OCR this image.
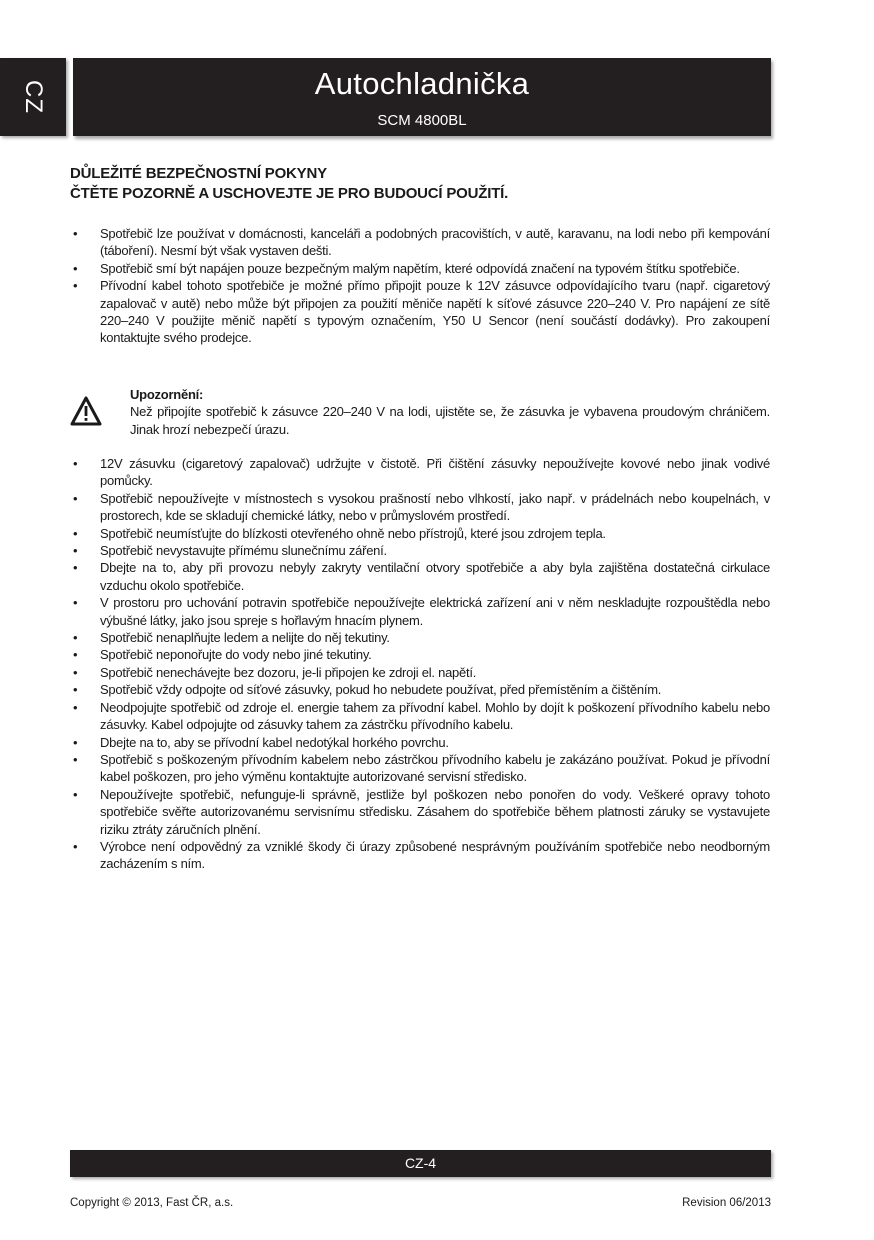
CZ	Autochladnička
SCM 4800BL
DŮLEŽITÉ BEZPEČNOSTNÍ POKYNY
ČTĚTE POZORNĚ A USCHOVEJTE JE PRO BUDOUCÍ POUŽITÍ.
• Spotřebič lze používat v domácnosti, kanceláři a podobných pracovištích, v autě, karavanu, na lodi nebo při kempování (táboření). Nesmí být však vystaven dešti.
• Spotřebič smí být napájen pouze bezpečným malým napětím, které odpovídá značení na typovém štítku spotřebiče.
• Přívodní kabel tohoto spotřebiče je možné přímo připojit pouze k 12V zásuvce odpovídajícího tvaru (např. cigaretový zapalovač v autě) nebo může být připojen za použití měniče napětí k síťové zásuvce 220–240 V. Pro napájení ze sítě 220–240 V použijte měnič napětí s typovým označením, Y50 U Sencor (není součástí dodávky). Pro zakoupení kontaktujte svého prodejce.
Upozornění:
Než připojíte spotřebič k zásuvce 220–240 V na lodi, ujistěte se, že zásuvka je vybavena proudovým chráničem. Jinak hrozí nebezpečí úrazu.
• 12V zásuvku (cigaretový zapalovač) udržujte v čistotě. Při čištění zásuvky nepoužívejte kovové nebo jinak vodivé pomůcky.
• Spotřebič nepoužívejte v místnostech s vysokou prašností nebo vlhkostí, jako např. v prádelnách nebo koupelnách, v prostorech, kde se skladují chemické látky, nebo v průmyslovém prostředí.
• Spotřebič neumísťujte do blízkosti otevřeného ohně nebo přístrojů, které jsou zdrojem tepla.
• Spotřebič nevystavujte přímému slunečnímu záření.
• Dbejte na to, aby při provozu nebyly zakryty ventilační otvory spotřebiče a aby byla zajištěna dostatečná cirkulace vzduchu okolo spotřebiče.
• V prostoru pro uchování potravin spotřebiče nepoužívejte elektrická zařízení ani v něm neskladujte rozpouštědla nebo výbušné látky, jako jsou spreje s hořlavým hnacím plynem.
• Spotřebič nenaplňujte ledem a nelijte do něj tekutiny.
• Spotřebič neponořujte do vody nebo jiné tekutiny.
• Spotřebič nenechávejte bez dozoru, je-li připojen ke zdroji el. napětí.
• Spotřebič vždy odpojte od síťové zásuvky, pokud ho nebudete používat, před přemístěním a čištěním.
• Neodpojujte spotřebič od zdroje el. energie tahem za přívodní kabel. Mohlo by dojít k poškození přívodního kabelu nebo zásuvky. Kabel odpojujte od zásuvky tahem za zástrčku přívodního kabelu.
• Dbejte na to, aby se přívodní kabel nedotýkal horkého povrchu.
• Spotřebič s poškozeným přívodním kabelem nebo zástrčkou přívodního kabelu je zakázáno používat. Pokud je přívodní kabel poškozen, pro jeho výměnu kontaktujte autorizované servisní středisko.
• Nepoužívejte spotřebič, nefunguje-li správně, jestliže byl poškozen nebo ponořen do vody. Veškeré opravy tohoto spotřebiče svěřte autorizovanému servisnímu středisku. Zásahem do spotřebiče během platnosti záruky se vystavujete riziku ztráty záručních plnění.
• Výrobce není odpovědný za vzniklé škody či úrazy způsobené nesprávným používáním spotřebiče nebo neodborným zacházením s ním.
CZ-4
Copyright © 2013, Fast ČR, a.s.	Revision 06/2013
